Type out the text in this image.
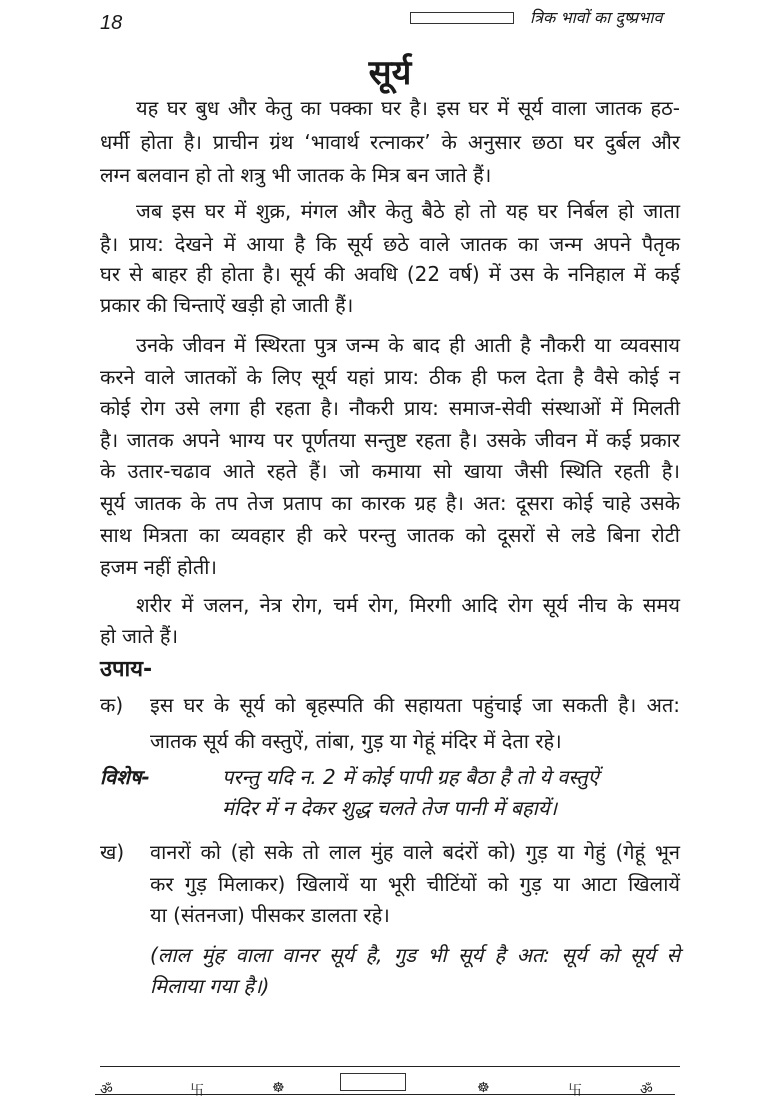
18	त्रिक भावों का दुष्प्रभाव
सूर्य
यह घर बुध और केतु का पक्का घर है। इस घर में सूर्य वाला जातक हठ-
धर्मी होता है। प्राचीन ग्रंथ ‘भावार्थ रत्नाकर’ के अनुसार छठा घर दुर्बल और
लग्न बलवान हो तो शत्रु भी जातक के मित्र बन जाते हैं।
जब इस घर में शुक्र, मंगल और केतु बैठे हो तो यह घर निर्बल हो जाता
है। प्राय: देखने में आया है कि सूर्य छठे वाले जातक का जन्म अपने पैतृक
घर से बाहर ही होता है। सूर्य की अवधि (22 वर्ष) में उस के ननिहाल में कई
प्रकार की चिन्ताऐं खड़ी हो जाती हैं।
उनके जीवन में स्थिरता पुत्र जन्म के बाद ही आती है नौकरी या व्यवसाय
करने वाले जातकों के लिए सूर्य यहां प्राय: ठीक ही फल देता है वैसे कोई न
कोई रोग उसे लगा ही रहता है। नौकरी प्राय: समाज-सेवी संस्थाओं में मिलती
है। जातक अपने भाग्य पर पूर्णतया सन्तुष्ट रहता है। उसके जीवन में कई प्रकार
के उतार-चढाव आते रहते हैं। जो कमाया सो खाया जैसी स्थिति रहती है।
सूर्य जातक के तप तेज प्रताप का कारक ग्रह है। अत: दूसरा कोई चाहे उसके
साथ मित्रता का व्यवहार ही करे परन्तु जातक को दूसरों से लडे बिना रोटी
हजम नहीं होती।
शरीर में जलन, नेत्र रोग, चर्म रोग, मिरगी आदि रोग सूर्य नीच के समय
हो जाते हैं।
उपाय-
क) इस घर के सूर्य को बृहस्पति की सहायता पहुंचाई जा सकती है। अत:
जातक सूर्य की वस्तुऐं, तांबा, गुड़ या गेहूं मंदिर में देता रहे।
विशेष-	परन्तु यदि न. 2 में कोई पापी ग्रह बैठा है तो ये वस्तुऐं
मंदिर में न देकर शुद्ध चलते तेज पानी में बहायें।
ख) वानरों को (हो सके तो लाल मुंह वाले बदंरों को) गुड़ या गेहुं (गेहूं भून
कर गुड़ मिलाकर) खिलायें या भूरी चीटिंयों को गुड़ या आटा खिलायें
या (संतनजा) पीसकर डालता रहे।
(लाल मुंह वाला वानर सूर्य है, गुड भी सूर्य है अत: सूर्य को सूर्य से
मिलाया गया है।)
ॐ	卐	☸	☸	卐	ॐ
